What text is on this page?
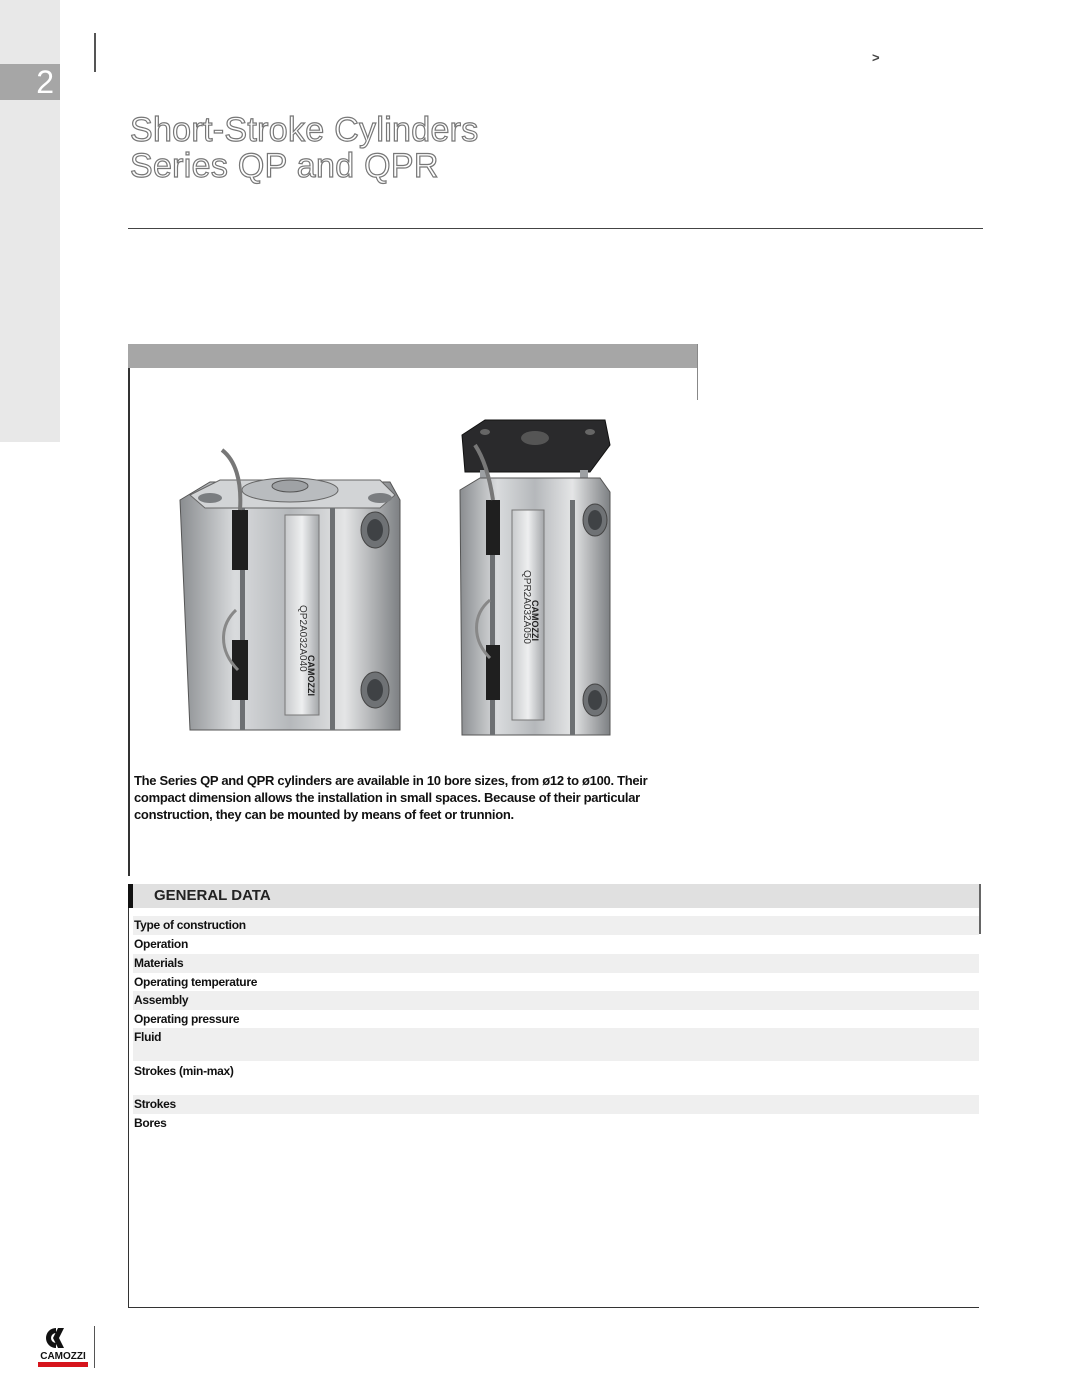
2
>
Short-Stroke Cylinders
Series QP and QPR
QP2A032A040
CAMOZZI
QPR2A032A050
CAMOZZI

The Series QP and QPR cylinders are available in 10 bore sizes, from ø12 to ø100. Their compact dimension allows the installation in small spaces. Because of their particular construction, they can be mounted by means of feet or trunnion.

GENERAL DATA
Type of construction
Operation
Materials
Operating temperature
Assembly
Operating pressure
Fluid
Strokes (min-max)
Strokes
Bores
CAMOZZI
